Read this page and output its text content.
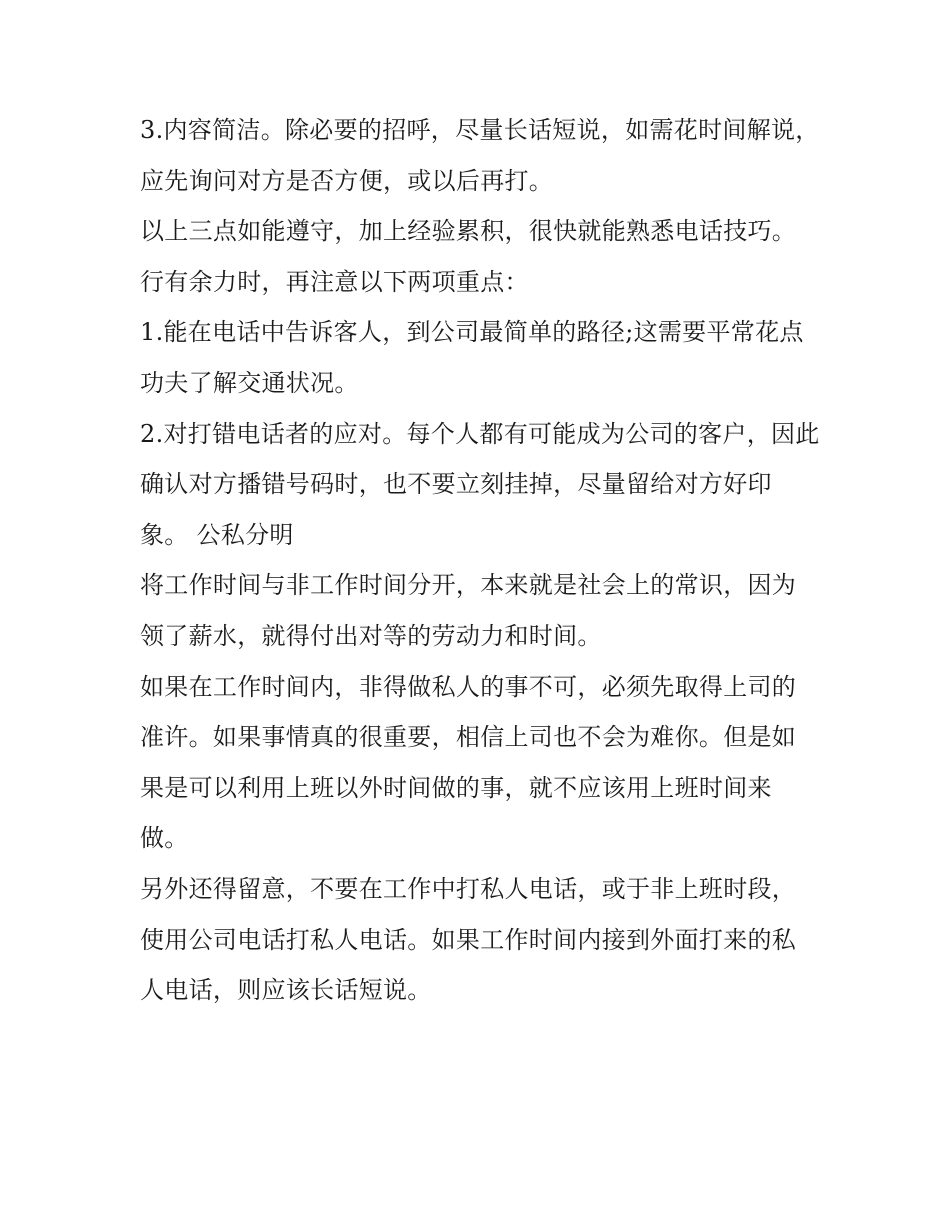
3.内容简洁。除必要的招呼，尽量长话短说，如需花时间解说，应先询问对方是否方便，或以后再打。

以上三点如能遵守，加上经验累积，很快就能熟悉电话技巧。

行有余力时，再注意以下两项重点：

1.能在电话中告诉客人，到公司最简单的路径;这需要平常花点功夫了解交通状况。

2.对打错电话者的应对。每个人都有可能成为公司的客户，因此确认对方播错号码时，也不要立刻挂掉，尽量留给对方好印象。 公私分明

将工作时间与非工作时间分开，本来就是社会上的常识，因为领了薪水，就得付出对等的劳动力和时间。

如果在工作时间内，非得做私人的事不可，必须先取得上司的准许。如果事情真的很重要，相信上司也不会为难你。但是如果是可以利用上班以外时间做的事，就不应该用上班时间来做。

另外还得留意，不要在工作中打私人电话，或于非上班时段，使用公司电话打私人电话。如果工作时间内接到外面打来的私人电话，则应该长话短说。
